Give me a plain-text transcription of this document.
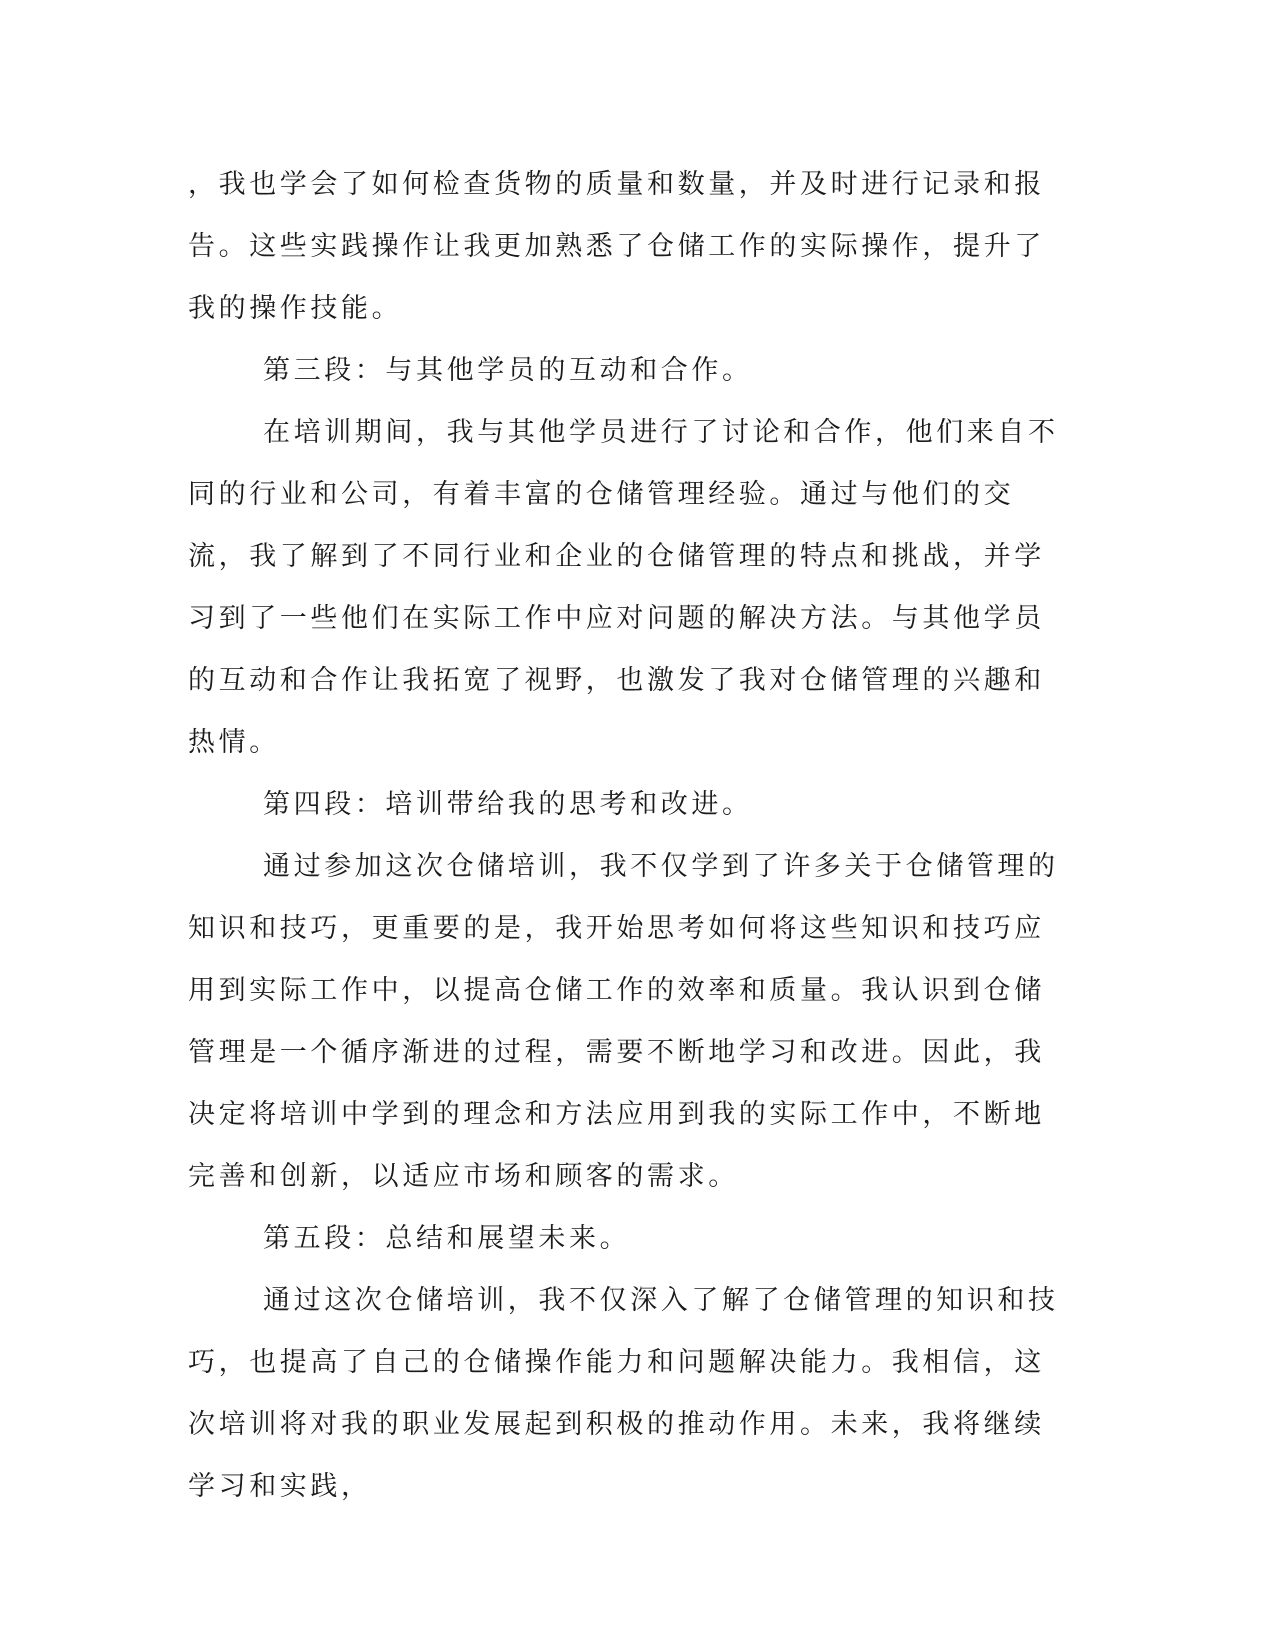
，我也学会了如何检查货物的质量和数量，并及时进行记录和报告。这些实践操作让我更加熟悉了仓储工作的实际操作，提升了我的操作技能。

第三段：与其他学员的互动和合作。

在培训期间，我与其他学员进行了讨论和合作，他们来自不同的行业和公司，有着丰富的仓储管理经验。通过与他们的交流，我了解到了不同行业和企业的仓储管理的特点和挑战，并学习到了一些他们在实际工作中应对问题的解决方法。与其他学员的互动和合作让我拓宽了视野，也激发了我对仓储管理的兴趣和热情。

第四段：培训带给我的思考和改进。

通过参加这次仓储培训，我不仅学到了许多关于仓储管理的知识和技巧，更重要的是，我开始思考如何将这些知识和技巧应用到实际工作中，以提高仓储工作的效率和质量。我认识到仓储管理是一个循序渐进的过程，需要不断地学习和改进。因此，我决定将培训中学到的理念和方法应用到我的实际工作中，不断地完善和创新，以适应市场和顾客的需求。

第五段：总结和展望未来。

通过这次仓储培训，我不仅深入了解了仓储管理的知识和技巧，也提高了自己的仓储操作能力和问题解决能力。我相信，这次培训将对我的职业发展起到积极的推动作用。未来，我将继续学习和实践，
